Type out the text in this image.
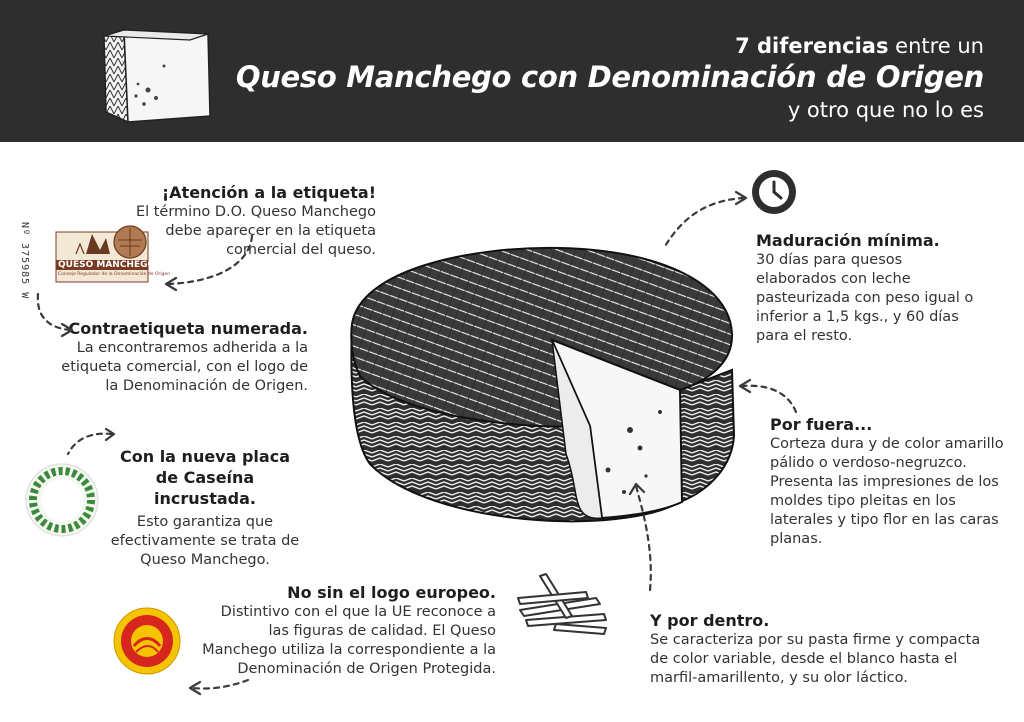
7 diferencias entre un
Queso Manchego con Denominación de Origen
y otro que no lo es
¡Atención a la etiqueta!

El término D.O. Queso Manchego debe aparecer en la etiqueta comercial del queso.

Nº 375985 W	QUESO MANCHEGO
Consejo Regulador de la Denominación de Origen
Contraetiqueta numerada.

La encontraremos adherida a la etiqueta comercial, con el logo de la Denominación de Origen.

Con la nueva placa de Caseína incrustada.

Esto garantiza que efectivamente se trata de Queso Manchego.

No sin el logo europeo.

Distintivo con el que la UE reconoce a las figuras de calidad. El Queso Manchego utiliza la correspondiente a la Denominación de Origen Protegida.

Maduración mínima.

30 días para quesos elaborados con leche pasteurizada con peso igual o inferior a 1,5 kgs., y 60 días para el resto.

Por fuera...

Corteza dura y de color amarillo pálido o verdoso-negruzco. Presenta las impresiones de los moldes tipo pleitas en los laterales y tipo flor en las caras planas.

Y por dentro.

Se caracteriza por su pasta firme y compacta de color variable, desde el blanco hasta el marfil-amarillento, y su olor láctico.
